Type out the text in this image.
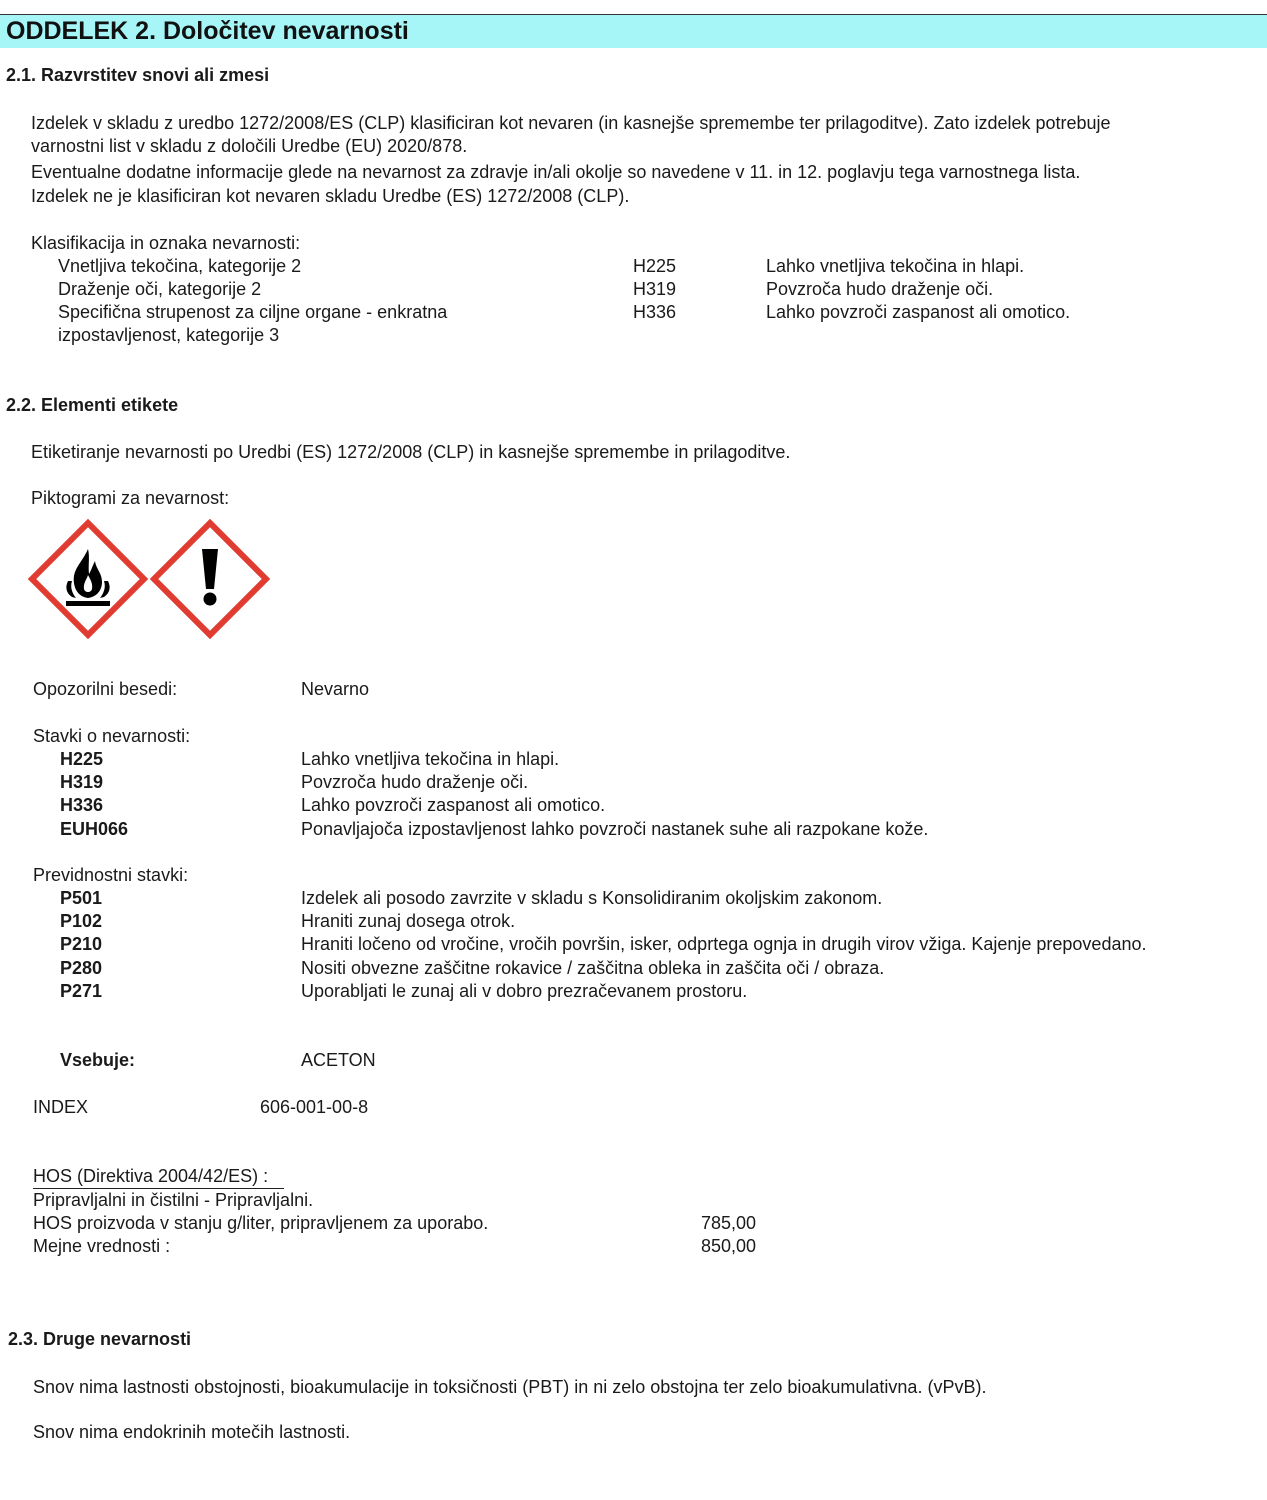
ODDELEK 2. Določitev nevarnosti
2.1. Razvrstitev snovi ali zmesi
Izdelek v skladu z uredbo 1272/2008/ES (CLP) klasificiran kot nevaren (in kasnejše spremembe ter prilagoditve). Zato izdelek potrebuje
varnostni list v skladu z določili Uredbe (EU) 2020/878.
Eventualne dodatne informacije glede na nevarnost za zdravje in/ali okolje so navedene v 11. in 12. poglavju tega varnostnega lista.
Izdelek ne je klasificiran kot nevaren skladu Uredbe (ES) 1272/2008 (CLP).
Klasifikacija in oznaka nevarnosti:
Vnetljiva tekočina, kategorije 2	H225	Lahko vnetljiva tekočina in hlapi.
Draženje oči, kategorije 2	H319	Povzroča hudo draženje oči.
Specifična strupenost za ciljne organe - enkratna
izpostavljenost, kategorije 3
H336	Lahko povzroči zaspanost ali omotico.
2.2. Elementi etikete
Etiketiranje nevarnosti po Uredbi (ES) 1272/2008 (CLP) in kasnejše spremembe in prilagoditve.
Piktogrami za nevarnost:
Opozorilni besedi:	Nevarno
Stavki o nevarnosti:
H225	Lahko vnetljiva tekočina in hlapi.
H319	Povzroča hudo draženje oči.
H336	Lahko povzroči zaspanost ali omotico.
EUH066	Ponavljajoča izpostavljenost lahko povzroči nastanek suhe ali razpokane kože.
Previdnostni stavki:
P501	Izdelek ali posodo zavrzite v skladu s Konsolidiranim okoljskim zakonom.
P102	Hraniti zunaj dosega otrok.
P210	Hraniti ločeno od vročine, vročih površin, isker, odprtega ognja in drugih virov vžiga. Kajenje prepovedano.
P280	Nositi obvezne zaščitne rokavice / zaščitna obleka in zaščita oči / obraza.
P271	Uporabljati le zunaj ali v dobro prezračevanem prostoru.
Vsebuje:	ACETON
INDEX	606-001-00-8
HOS (Direktiva 2004/42/ES) :
Pripravljalni in čistilni - Pripravljalni.
HOS proizvoda v stanju g/liter, pripravljenem za uporabo.	785,00
Mejne vrednosti :	850,00
2.3. Druge nevarnosti
Snov nima lastnosti obstojnosti, bioakumulacije in toksičnosti (PBT) in ni zelo obstojna ter zelo bioakumulativna. (vPvB).
Snov nima endokrinih motečih lastnosti.
